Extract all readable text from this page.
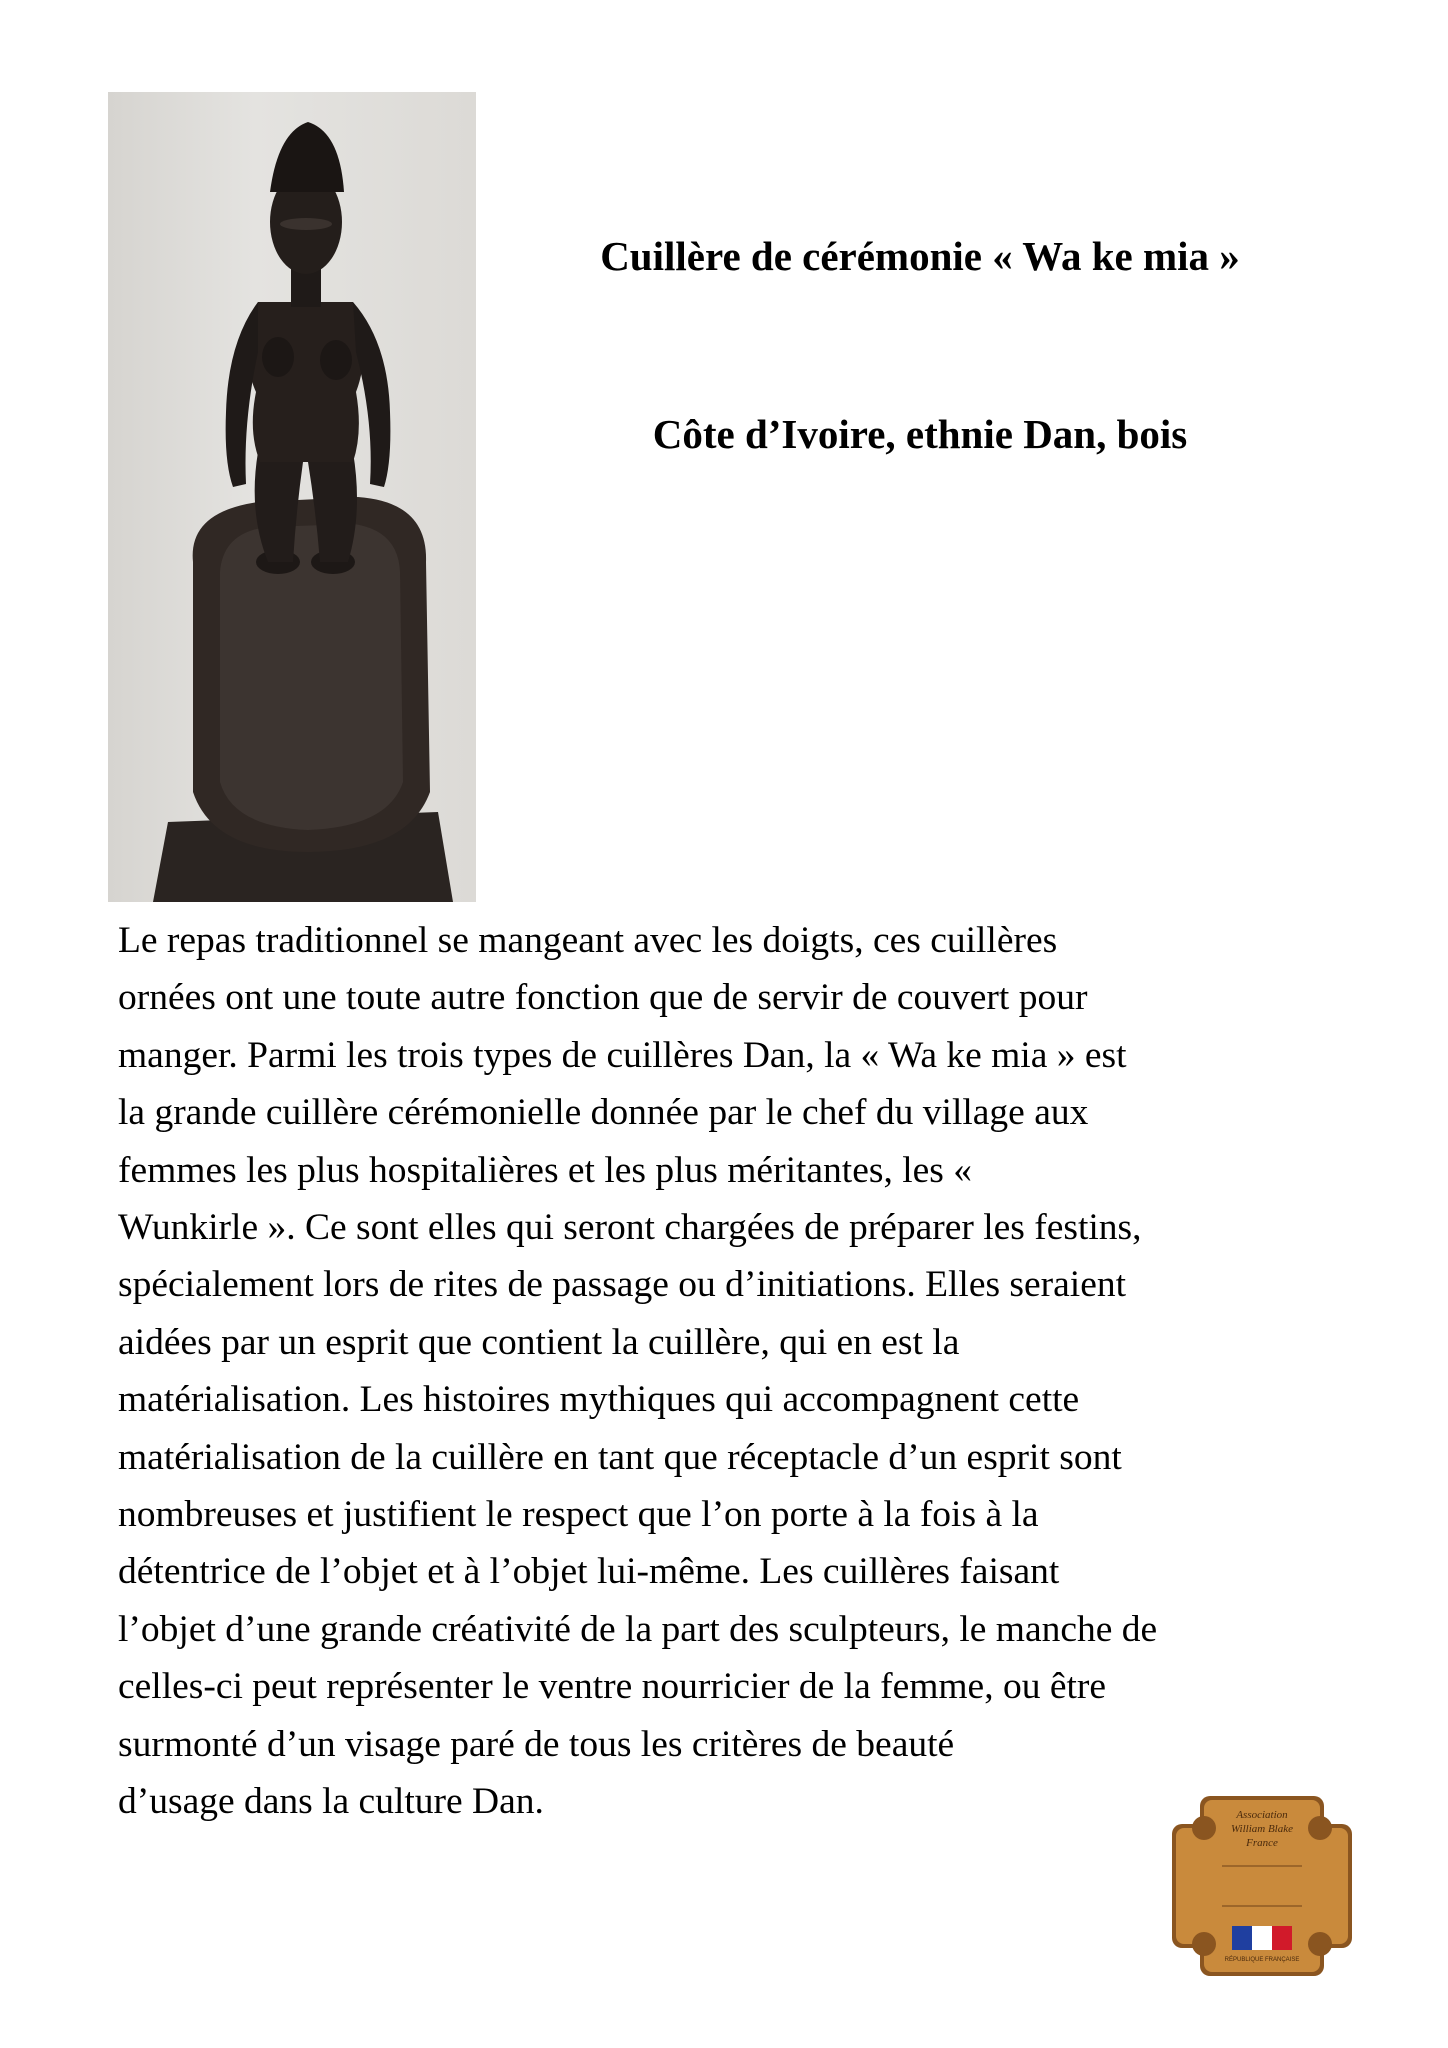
Cuillère de cérémonie « Wa ke mia »
Côte d’Ivoire, ethnie Dan, bois
Le repas traditionnel se mangeant avec les doigts, ces cuillères
ornées ont une toute autre fonction que de servir de couvert pour
manger. Parmi les trois types de cuillères Dan, la « Wa ke mia » est
la grande cuillère cérémonielle donnée par le chef du village aux
femmes les plus hospitalières et les plus méritantes, les «
Wunkirle ». Ce sont elles qui seront chargées de préparer les festins,
spécialement lors de rites de passage ou d’initiations. Elles seraient
aidées par un esprit que contient la cuillère, qui en est la
matérialisation. Les histoires mythiques qui accompagnent cette
matérialisation de la cuillère en tant que réceptacle d’un esprit sont
nombreuses et justifient le respect que l’on porte à la fois à la
détentrice de l’objet et à l’objet lui-même. Les cuillères faisant
l’objet d’une grande créativité de la part des sculpteurs, le manche de
celles-ci peut représenter le ventre nourricier de la femme, ou être
surmonté d’un visage paré de tous les critères de beauté
d’usage dans la culture Dan.	Association
William Blake
France
RÉPUBLIQUE FRANÇAISE
